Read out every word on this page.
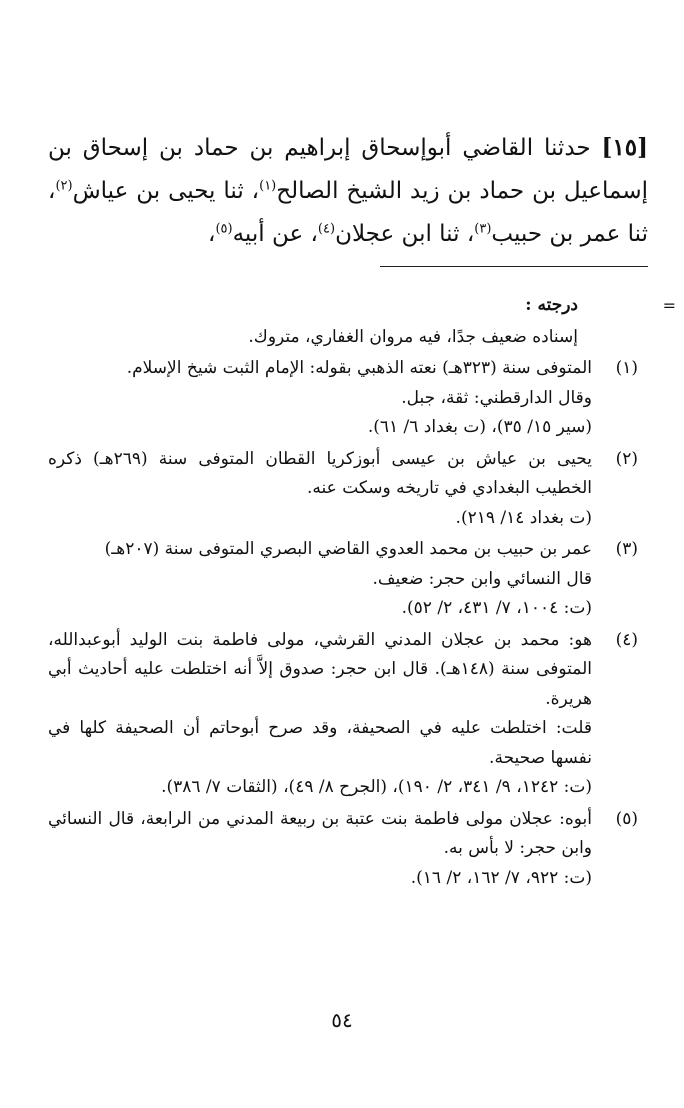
[١٥] حدثنا القاضي أبوإسحاق إبراهيم بن حماد بن إسحاق بن إسماعيل بن حماد بن زيد الشيخ الصالح$^{(١)}$، ثنا يحيى بن عياش$^{(٢)}$، ثنا عمر بن حبيب$^{(٣)}$، ثنا ابن عجلان$^{(٤)}$، عن أبيه$^{(٥)}$،

=
درجته :
إسناده ضعيف جدًا، فيه مروان الغفاري، متروك.
(١)
المتوفى سنة (٣٢٣هـ) نعته الذهبي بقوله: الإمام الثبت شيخ الإسلام.
وقال الدارقطني: ثقة، جبل.
(سير ١٥/ ٣٥)، (ت بغداد ٦/ ٦١).
(٢)
يحيى بن عياش بن عيسى أبوزكريا القطان المتوفى سنة (٢٦٩هـ) ذكره الخطيب البغدادي في تاريخه وسكت عنه.
(ت بغداد ١٤/ ٢١٩).
(٣)
عمر بن حبيب بن محمد العدوي القاضي البصري المتوفى سنة (٢٠٧هـ)
قال النسائي وابن حجر: ضعيف.
(ت: ١٠٠٤، ٧/ ٤٣١، ٢/ ٥٢).
(٤)
هو: محمد بن عجلان المدني القرشي، مولى فاطمة بنت الوليد أبوعبدالله، المتوفى سنة (١٤٨هـ). قال ابن حجر: صدوق إلاَّ أنه اختلطت عليه أحاديث أبي هريرة.
قلت: اختلطت عليه في الصحيفة، وقد صرح أبوحاتم أن الصحيفة كلها في نفسها صحيحة.
(ت: ١٢٤٢، ٩/ ٣٤١، ٢/ ١٩٠)، (الجرح ٨/ ٤٩)، (الثقات ٧/ ٣٨٦).
(٥)
أبوه: عجلان مولى فاطمة بنت عتبة بن ربيعة المدني من الرابعة، قال النسائي وابن حجر: لا بأس به.
(ت: ٩٢٢، ٧/ ١٦٢، ٢/ ١٦).
٥٤
